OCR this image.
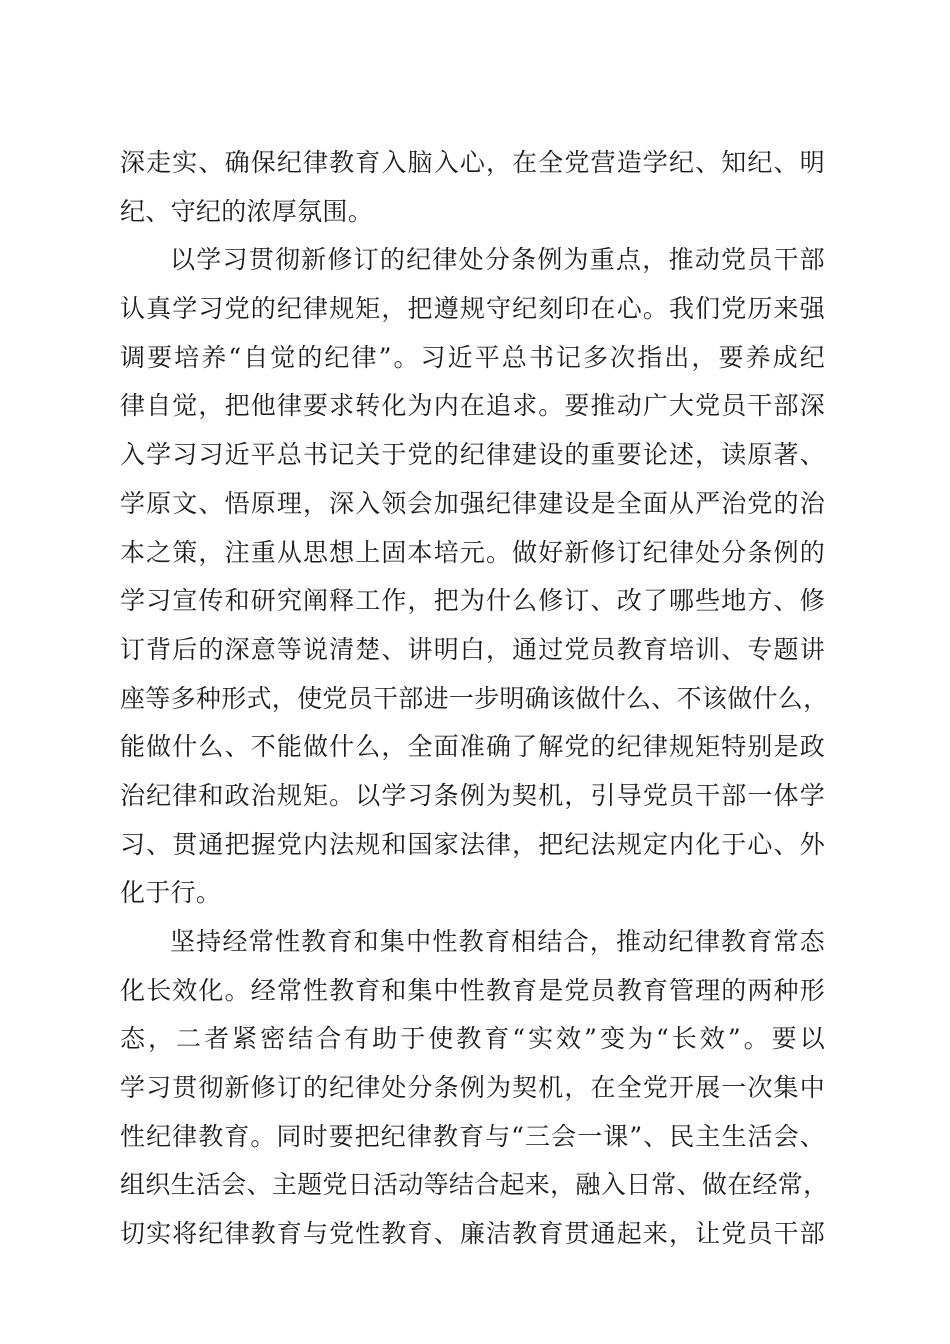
深走实、确保纪律教育入脑入心，在全党营造学纪、知纪、明
纪、守纪的浓厚氛围。
以学习贯彻新修订的纪律处分条例为重点，推动党员干部
认真学习党的纪律规矩，把遵规守纪刻印在心。我们党历来强
调要培养“自觉的纪律”。习近平总书记多次指出，要养成纪
律自觉，把他律要求转化为内在追求。要推动广大党员干部深
入学习习近平总书记关于党的纪律建设的重要论述，读原著、
学原文、悟原理，深入领会加强纪律建设是全面从严治党的治
本之策，注重从思想上固本培元。做好新修订纪律处分条例的
学习宣传和研究阐释工作，把为什么修订、改了哪些地方、修
订背后的深意等说清楚、讲明白，通过党员教育培训、专题讲
座等多种形式，使党员干部进一步明确该做什么、不该做什么，
能做什么、不能做什么，全面准确了解党的纪律规矩特别是政
治纪律和政治规矩。以学习条例为契机，引导党员干部一体学
习、贯通把握党内法规和国家法律，把纪法规定内化于心、外
化于行。
坚持经常性教育和集中性教育相结合，推动纪律教育常态
化长效化。经常性教育和集中性教育是党员教育管理的两种形
态，二者紧密结合有助于使教育“实效”变为“长效”。要以
学习贯彻新修订的纪律处分条例为契机，在全党开展一次集中
性纪律教育。同时要把纪律教育与“三会一课”、民主生活会、
组织生活会、主题党日活动等结合起来，融入日常、做在经常，
切实将纪律教育与党性教育、廉洁教育贯通起来，让党员干部
